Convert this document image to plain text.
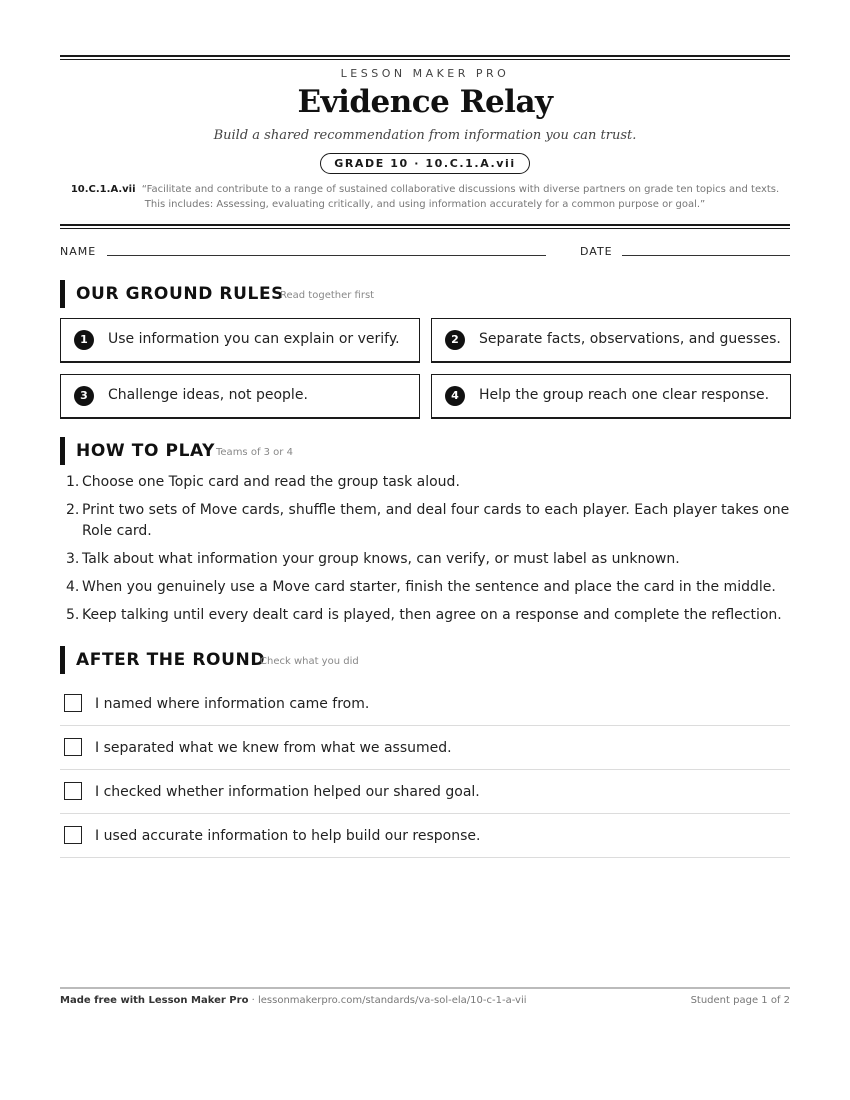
LESSON MAKER PRO
Evidence Relay
Build a shared recommendation from information you can trust.
GRADE 10 · 10.C.1.A.vii
10.C.1.A.vii “Facilitate and contribute to a range of sustained collaborative discussions with diverse partners on grade ten topics and texts. This includes: Assessing, evaluating critically, and using information accurately for a common purpose or goal.”
NAME	DATE
OUR GROUND RULES
Read together first
1	Use information you can explain or verify.	2	Separate facts, observations, and guesses.
3	Challenge ideas, not people.	4	Help the group reach one clear response.
HOW TO PLAY Teams of 3 or 4
1. Choose one Topic card and read the group task aloud.
2. Print two sets of Move cards, shuffle them, and deal four cards to each player. Each player takes one Role card.
3. Talk about what information your group knows, can verify, or must label as unknown.
4. When you genuinely use a Move card starter, finish the sentence and place the card in the middle.
5. Keep talking until every dealt card is played, then agree on a response and complete the reflection.
AFTER THE ROUND
Check what you did
I named where information came from.
I separated what we knew from what we assumed.
I checked whether information helped our shared goal.
I used accurate information to help build our response.
Made free with Lesson Maker Pro · lessonmakerpro.com/standards/va-sol-ela/10-c-1-a-vii	Student page 1 of 2
